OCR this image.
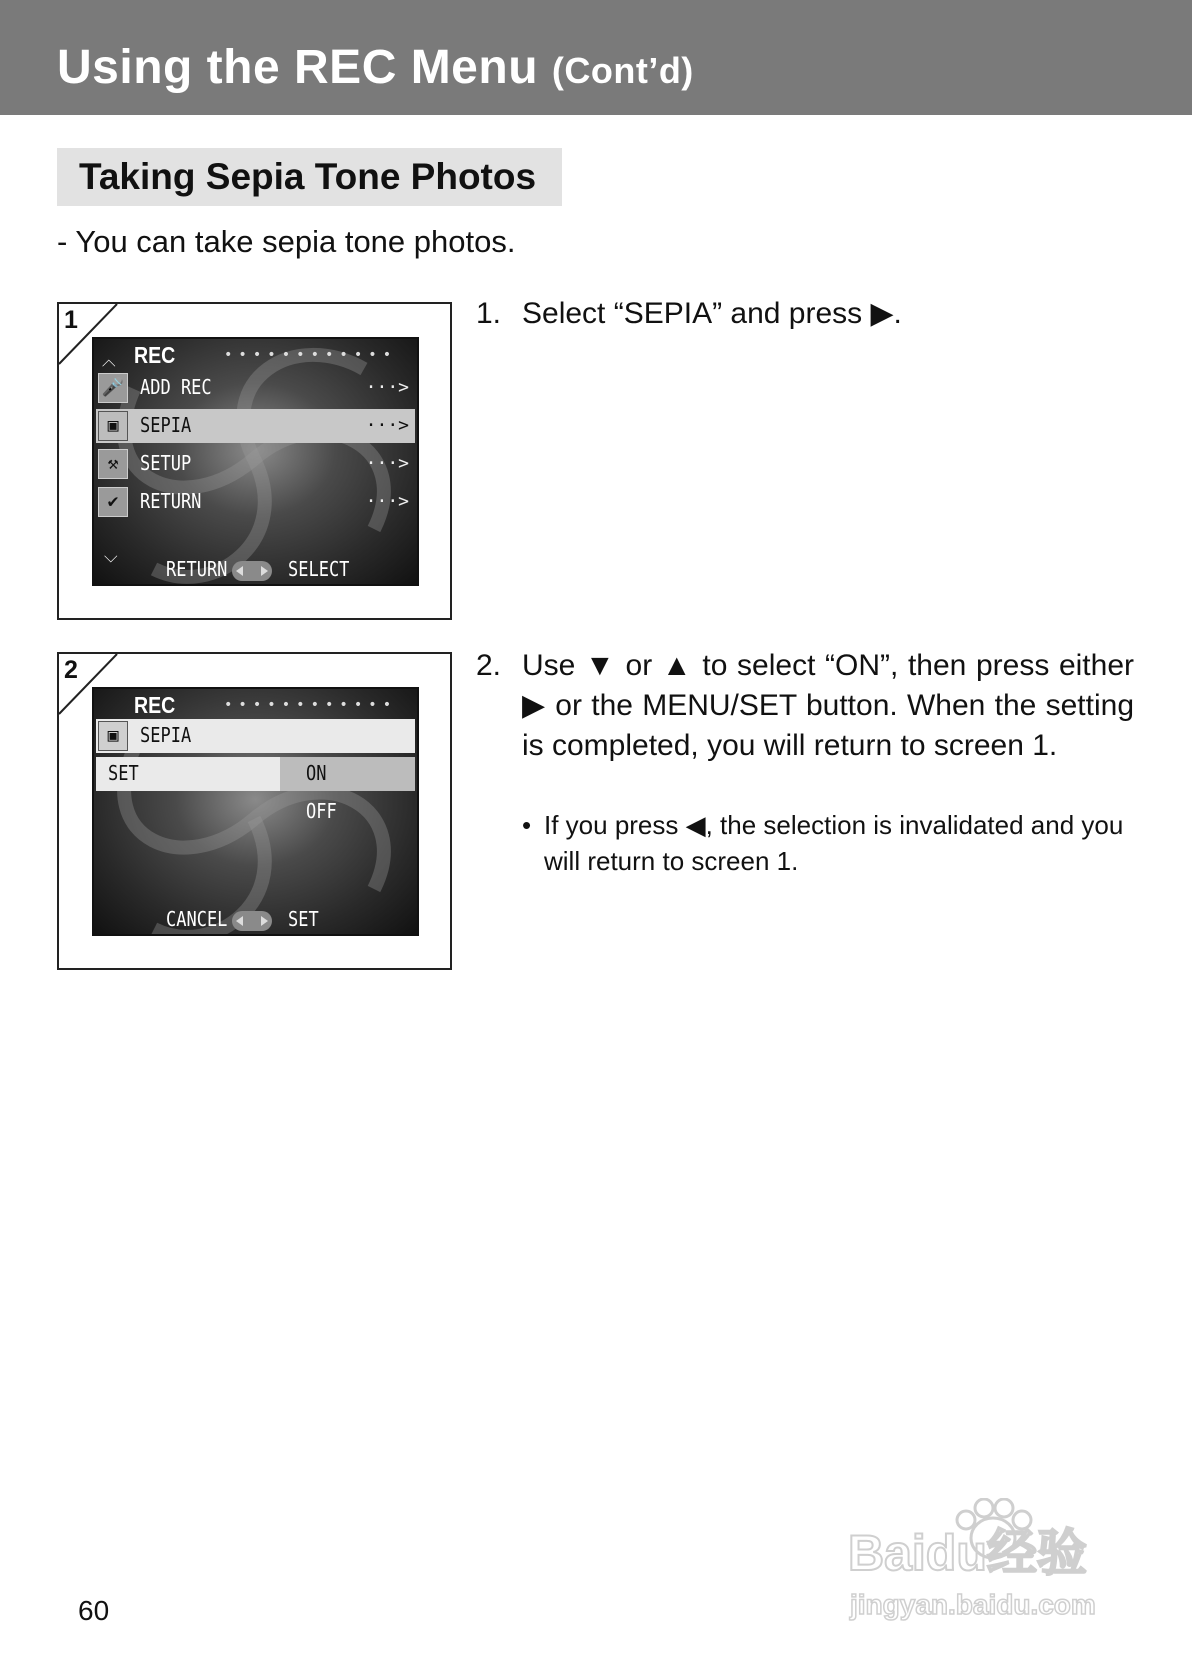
Using the REC Menu (Cont’d)
Taking Sepia Tone Photos
- You can take sepia tone photos.
1
︿ REC	••••••••••••
🎤 ADD REC	···>
▣	SEPIA	···>
⚒	SETUP	···>
✔	RETURN	···>
﹀ RETURN	SELECT
2
REC	••••••••••••
▣	SEPIA
SET	ON
OFF
CANCEL	SET
1. Select “SEPIA” and press ▶.
2. Use ▼ or ▲ to select “ON”, then press either ▶ or the MENU/SET button. When the setting is completed, you will return to screen 1.
• If you press ◀, the selection is invalidated and you will return to screen 1.
60
Baidu经验
jingyan.baidu.com
